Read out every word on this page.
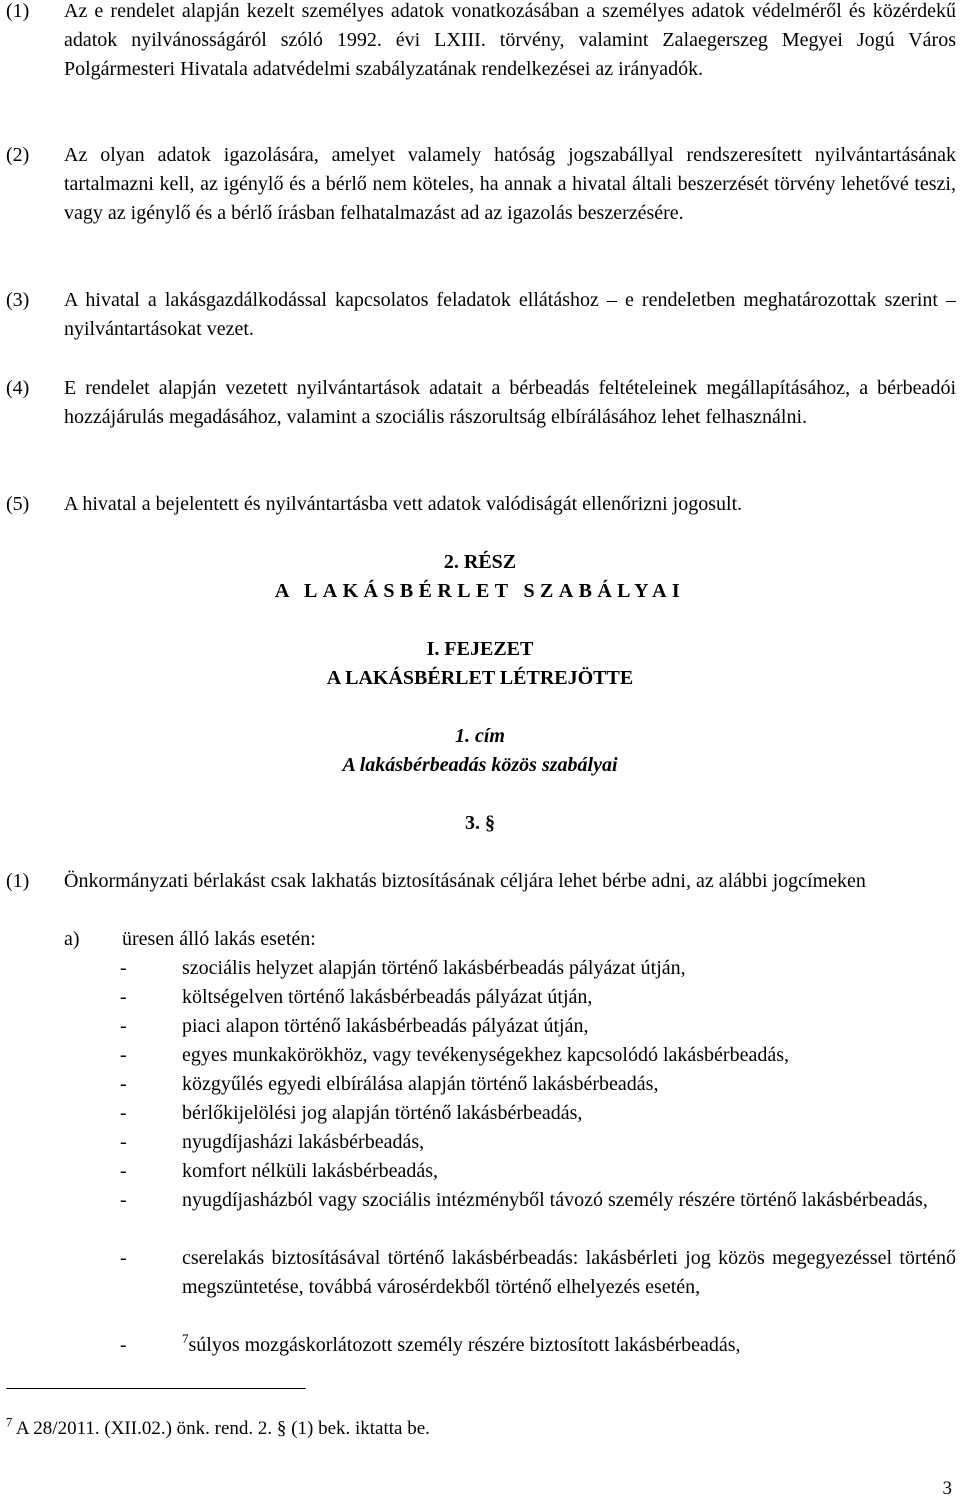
(1) Az e rendelet alapján kezelt személyes adatok vonatkozásában a személyes adatok védelméről és közérdekű adatok nyilvánosságáról szóló 1992. évi LXIII. törvény, valamint Zalaegerszeg Megyei Jogú Város Polgármesteri Hivatala adatvédelmi szabályzatának rendelkezései az irányadók.
(2) Az olyan adatok igazolására, amelyet valamely hatóság jogszabállyal rendszeresített nyilvántartásának tartalmazni kell, az igénylő és a bérlő nem köteles, ha annak a hivatal általi beszerzését törvény lehetővé teszi, vagy az igénylő és a bérlő írásban felhatalmazást ad az igazolás beszerzésére.
(3) A hivatal a lakásgazdálkodással kapcsolatos feladatok ellátáshoz – e rendeletben meghatározottak szerint – nyilvántartásokat vezet.
(4) E rendelet alapján vezetett nyilvántartások adatait a bérbeadás feltételeinek megállapításához, a bérbeadói hozzájárulás megadásához, valamint a szociális rászorultság elbírálásához lehet felhasználni.
(5) A hivatal a bejelentett és nyilvántartásba vett adatok valódiságát ellenőrizni jogosult.
2. RÉSZ
A LAKÁSBÉRLET SZABÁLYAI
I. FEJEZET
A LAKÁSBÉRLET LÉTREJÖTTE
1. cím
A lakásbérbeadás közös szabályai
3. §
(1) Önkormányzati bérlakást csak lakhatás biztosításának céljára lehet bérbe adni, az alábbi jogcímeken
a) üresen álló lakás esetén:
-	szociális helyzet alapján történő lakásbérbeadás pályázat útján,
-	költségelven történő lakásbérbeadás pályázat útján,
-	piaci alapon történő lakásbérbeadás pályázat útján,
-	egyes munkakörökhöz, vagy tevékenységekhez kapcsolódó lakásbérbeadás,
-	közgyűlés egyedi elbírálása alapján történő lakásbérbeadás,
-	bérlőkijelölési jog alapján történő lakásbérbeadás,
-	nyugdíjasházi lakásbérbeadás,
-	komfort nélküli lakásbérbeadás,
-	nyugdíjasházból vagy szociális intézményből távozó személy részére történő lakásbérbeadás,
-	cserelakás biztosításával történő lakásbérbeadás: lakásbérleti jog közös megegyezéssel történő megszüntetése, továbbá városérdekből történő elhelyezés esetén,
-	$^7$súlyos mozgáskorlátozott személy részére biztosított lakásbérbeadás,
$^7$ A 28/2011. (XII.02.) önk. rend. 2. § (1) bek. iktatta be.
3
